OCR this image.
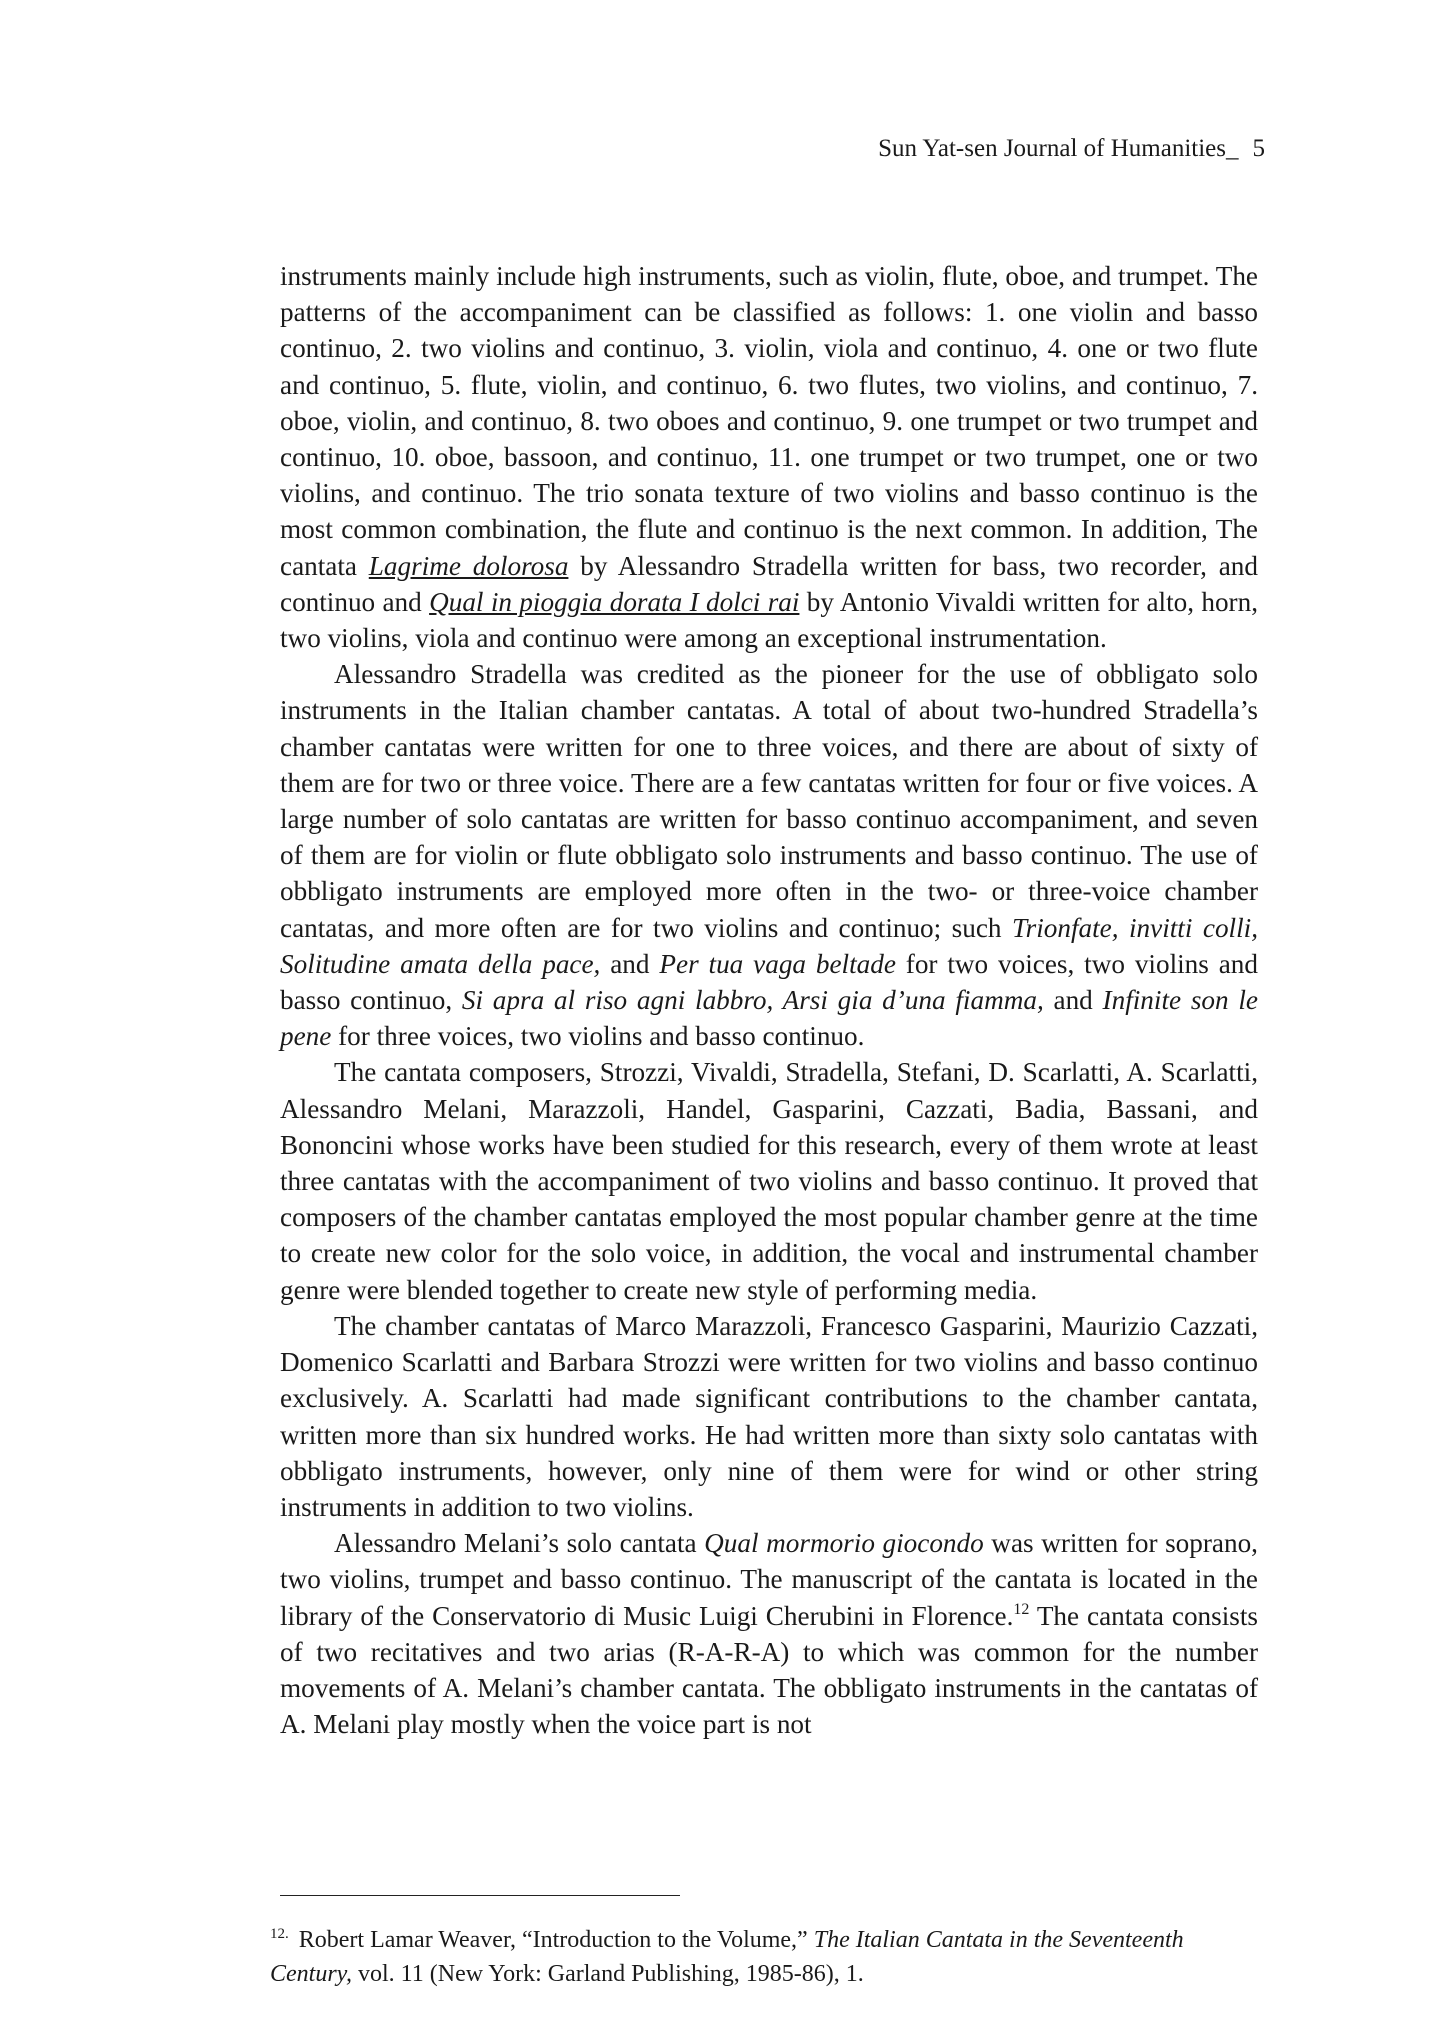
Sun Yat-sen Journal of Humanities_ 5

instruments mainly include high instruments, such as violin, flute, oboe, and trumpet. The patterns of the accompaniment can be classified as follows: 1. one violin and basso continuo, 2. two violins and continuo, 3. violin, viola and continuo, 4. one or two flute and continuo, 5. flute, violin, and continuo, 6. two flutes, two violins, and continuo, 7. oboe, violin, and continuo, 8. two oboes and continuo, 9. one trumpet or two trumpet and continuo, 10. oboe, bassoon, and continuo, 11. one trumpet or two trumpet, one or two violins, and continuo. The trio sonata texture of two violins and basso continuo is the most common combination, the flute and continuo is the next common. In addition, The cantata Lagrime dolorosa by Alessandro Stradella written for bass, two recorder, and continuo and Qual in pioggia dorata I dolci rai by Antonio Vivaldi written for alto, horn, two violins, viola and continuo were among an exceptional instrumentation.

Alessandro Stradella was credited as the pioneer for the use of obbligato solo instruments in the Italian chamber cantatas. A total of about two-hundred Stradella’s chamber cantatas were written for one to three voices, and there are about of sixty of them are for two or three voice. There are a few cantatas written for four or five voices. A large number of solo cantatas are written for basso continuo accompaniment, and seven of them are for violin or flute obbligato solo instruments and basso continuo. The use of obbligato instruments are employed more often in the two- or three-voice chamber cantatas, and more often are for two violins and continuo; such Trionfate, invitti colli, Solitudine amata della pace, and Per tua vaga beltade for two voices, two violins and basso continuo, Si apra al riso agni labbro, Arsi gia d’una fiamma, and Infinite son le pene for three voices, two violins and basso continuo.

The cantata composers, Strozzi, Vivaldi, Stradella, Stefani, D. Scarlatti, A. Scarlatti, Alessandro Melani, Marazzoli, Handel, Gasparini, Cazzati, Badia, Bassani, and Bononcini whose works have been studied for this research, every of them wrote at least three cantatas with the accompaniment of two violins and basso continuo. It proved that composers of the chamber cantatas employed the most popular chamber genre at the time to create new color for the solo voice, in addition, the vocal and instrumental chamber genre were blended together to create new style of performing media.

The chamber cantatas of Marco Marazzoli, Francesco Gasparini, Maurizio Cazzati, Domenico Scarlatti and Barbara Strozzi were written for two violins and basso continuo exclusively. A. Scarlatti had made significant contributions to the chamber cantata, written more than six hundred works. He had written more than sixty solo cantatas with obbligato instruments, however, only nine of them were for wind or other string instruments in addition to two violins.

Alessandro Melani’s solo cantata Qual mormorio giocondo was written for soprano, two violins, trumpet and basso continuo. The manuscript of the cantata is located in the library of the Conservatorio di Music Luigi Cherubini in Florence.$^{12}$ The cantata consists of two recitatives and two arias (R-A-R-A) to which was common for the number movements of A. Melani’s chamber cantata. The obbligato instruments in the cantatas of A. Melani play mostly when the voice part is not

$^{12.}$ Robert Lamar Weaver, “Introduction to the Volume,” The Italian Cantata in the Seventeenth Century, vol. 11 (New York: Garland Publishing, 1985-86), 1.
